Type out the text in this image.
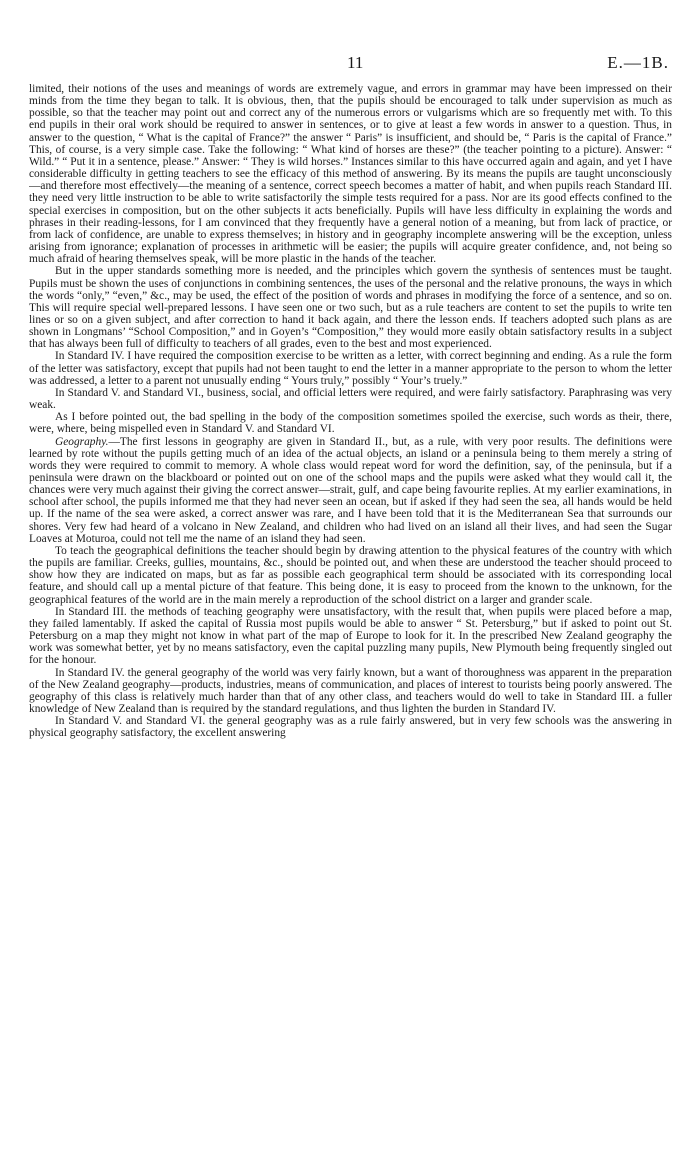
11	E.—1B.

limited, their notions of the uses and meanings of words are extremely vague, and errors in grammar may have been impressed on their minds from the time they began to talk. It is obvious, then, that the pupils should be encouraged to talk under supervision as much as possible, so that the teacher may point out and correct any of the numerous errors or vulgarisms which are so frequently met with. To this end pupils in their oral work should be required to answer in sentences, or to give at least a few words in answer to a question. Thus, in answer to the question, “ What is the capital of France?” the answer “ Paris” is insufficient, and should be, “ Paris is the capital of France.” This, of course, is a very simple case. Take the following: “ What kind of horses are these?” (the teacher pointing to a picture). Answer: “ Wild.” “ Put it in a sentence, please.” Answer: “ They is wild horses.” Instances similar to this have occurred again and again, and yet I have considerable difficulty in getting teachers to see the efficacy of this method of answering. By its means the pupils are taught unconsciously—and therefore most effectively—the meaning of a sentence, correct speech becomes a matter of habit, and when pupils reach Standard III. they need very little instruction to be able to write satisfactorily the simple tests required for a pass. Nor are its good effects confined to the special exercises in composition, but on the other subjects it acts beneficially. Pupils will have less difficulty in explaining the words and phrases in their reading-lessons, for I am convinced that they frequently have a general notion of a meaning, but from lack of practice, or from lack of confidence, are unable to express themselves; in history and in geography incomplete answering will be the exception, unless arising from ignorance; explanation of processes in arithmetic will be easier; the pupils will acquire greater confidence, and, not being so much afraid of hearing themselves speak, will be more plastic in the hands of the teacher.

But in the upper standards something more is needed, and the principles which govern the synthesis of sentences must be taught. Pupils must be shown the uses of conjunctions in combining sentences, the uses of the personal and the relative pronouns, the ways in which the words “only,” “even,” &c., may be used, the effect of the position of words and phrases in modifying the force of a sentence, and so on. This will require special well-prepared lessons. I have seen one or two such, but as a rule teachers are content to set the pupils to write ten lines or so on a given subject, and after correction to hand it back again, and there the lesson ends. If teachers adopted such plans as are shown in Longmans’ “School Composition,” and in Goyen’s “Composition,” they would more easily obtain satisfactory results in a subject that has always been full of difficulty to teachers of all grades, even to the best and most experienced.

In Standard IV. I have required the composition exercise to be written as a letter, with correct beginning and ending. As a rule the form of the letter was satisfactory, except that pupils had not been taught to end the letter in a manner appropriate to the person to whom the letter was addressed, a letter to a parent not unusually ending “ Yours truly,” possibly “ Your’s truely.”

In Standard V. and Standard VI., business, social, and official letters were required, and were fairly satisfactory. Paraphrasing was very weak.

As I before pointed out, the bad spelling in the body of the composition sometimes spoiled the exercise, such words as their, there, were, where, being mispelled even in Standard V. and Standard VI.

Geography.—The first lessons in geography are given in Standard II., but, as a rule, with very poor results. The definitions were learned by rote without the pupils getting much of an idea of the actual objects, an island or a peninsula being to them merely a string of words they were required to commit to memory. A whole class would repeat word for word the definition, say, of the peninsula, but if a peninsula were drawn on the blackboard or pointed out on one of the school maps and the pupils were asked what they would call it, the chances were very much against their giving the correct answer—strait, gulf, and cape being favourite replies. At my earlier examinations, in school after school, the pupils informed me that they had never seen an ocean, but if asked if they had seen the sea, all hands would be held up. If the name of the sea were asked, a correct answer was rare, and I have been told that it is the Mediterranean Sea that surrounds our shores. Very few had heard of a volcano in New Zealand, and children who had lived on an island all their lives, and had seen the Sugar Loaves at Moturoa, could not tell me the name of an island they had seen.

To teach the geographical definitions the teacher should begin by drawing attention to the physical features of the country with which the pupils are familiar. Creeks, gullies, mountains, &c., should be pointed out, and when these are understood the teacher should proceed to show how they are indicated on maps, but as far as possible each geographical term should be associated with its corresponding local feature, and should call up a mental picture of that feature. This being done, it is easy to proceed from the known to the unknown, for the geographical features of the world are in the main merely a reproduction of the school district on a larger and grander scale.

In Standard III. the methods of teaching geography were unsatisfactory, with the result that, when pupils were placed before a map, they failed lamentably. If asked the capital of Russia most pupils would be able to answer “ St. Petersburg,” but if asked to point out St. Petersburg on a map they might not know in what part of the map of Europe to look for it. In the prescribed New Zealand geography the work was somewhat better, yet by no means satisfactory, even the capital puzzling many pupils, New Plymouth being frequently singled out for the honour.

In Standard IV. the general geography of the world was very fairly known, but a want of thoroughness was apparent in the preparation of the New Zealand geography—products, industries, means of communication, and places of interest to tourists being poorly answered. The geography of this class is relatively much harder than that of any other class, and teachers would do well to take in Standard III. a fuller knowledge of New Zealand than is required by the standard regulations, and thus lighten the burden in Standard IV.

In Standard V. and Standard VI. the general geography was as a rule fairly answered, but in very few schools was the answering in physical geography satisfactory, the excellent answering
